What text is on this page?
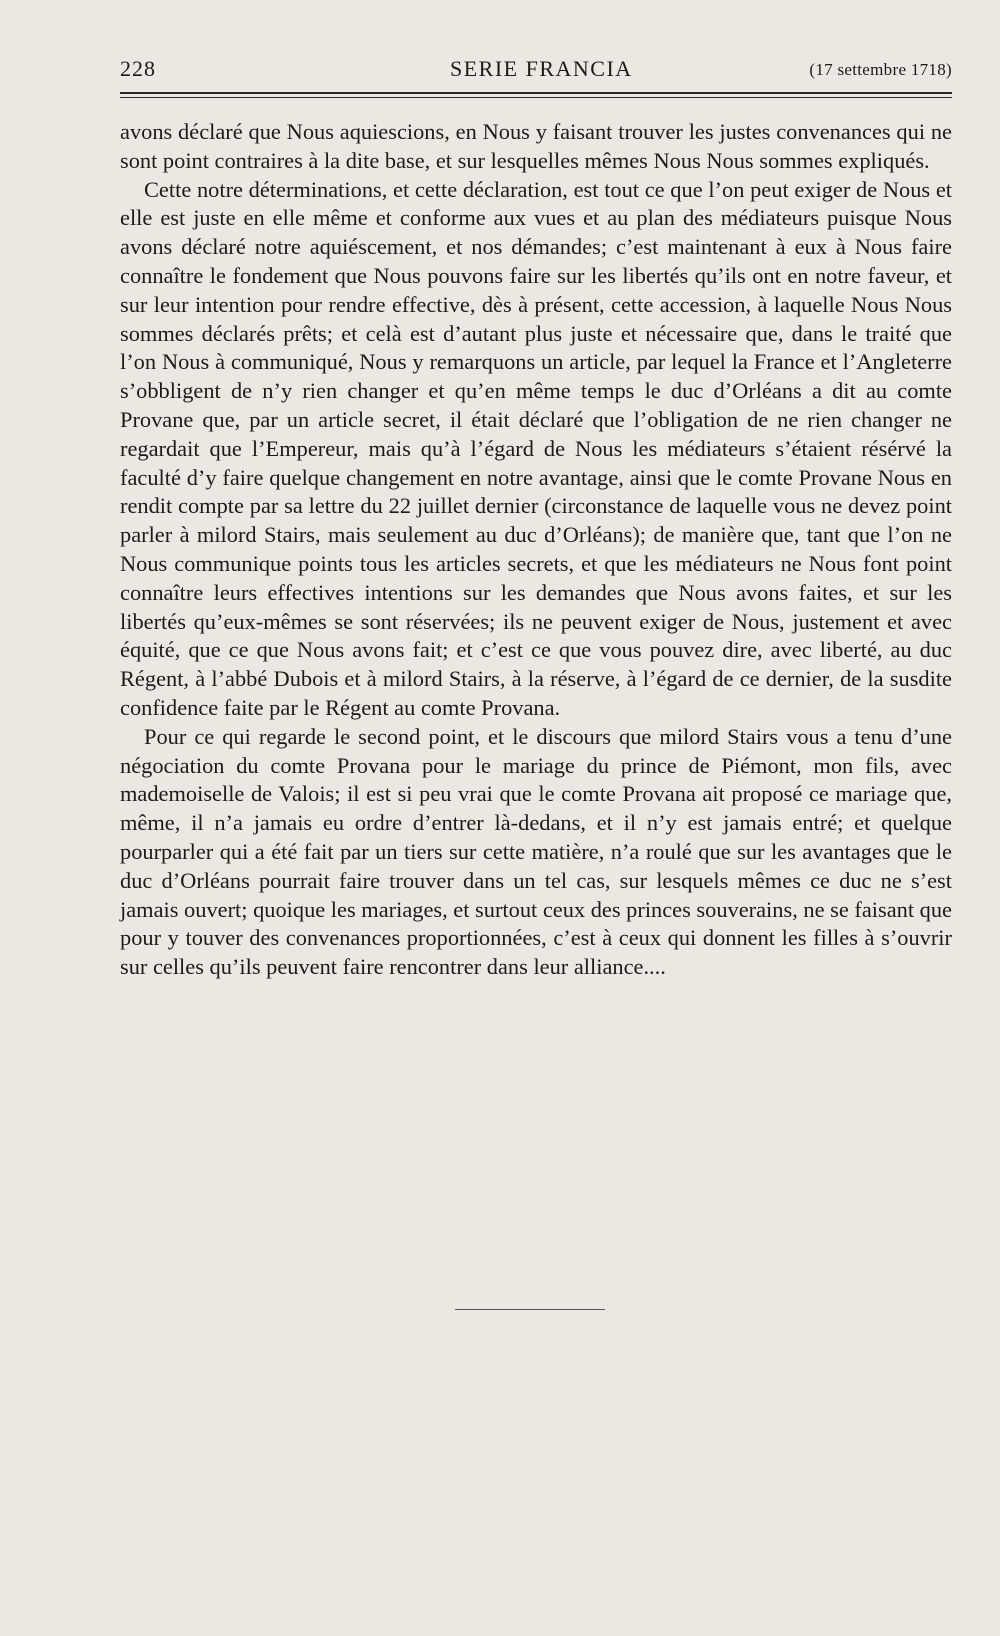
228	SERIE FRANCIA	(17 settembre 1718)

avons déclaré que Nous aquiescions, en Nous y faisant trouver les justes convenances qui ne sont point contraires à la dite base, et sur lesquelles mêmes Nous Nous sommes expliqués.

Cette notre déterminations, et cette déclaration, est tout ce que l’on peut exiger de Nous et elle est juste en elle même et conforme aux vues et au plan des médiateurs puisque Nous avons déclaré notre aquiéscement, et nos démandes; c’est maintenant à eux à Nous faire connaître le fondement que Nous pouvons faire sur les libertés qu’ils ont en notre faveur, et sur leur intention pour rendre effective, dès à présent, cette accession, à laquelle Nous Nous sommes déclarés prêts; et celà est d’autant plus juste et nécessaire que, dans le traité que l’on Nous à communiqué, Nous y remarquons un article, par lequel la France et l’Angleterre s’obbligent de n’y rien changer et qu’en même temps le duc d’Orléans a dit au comte Provane que, par un article secret, il était déclaré que l’obligation de ne rien changer ne regardait que l’Empereur, mais qu’à l’égard de Nous les médiateurs s’étaient résérvé la faculté d’y faire quelque changement en notre avantage, ainsi que le comte Provane Nous en rendit compte par sa lettre du 22 juillet dernier (circonstance de laquelle vous ne devez point parler à milord Stairs, mais seulement au duc d’Orléans); de manière que, tant que l’on ne Nous communique points tous les articles secrets, et que les médiateurs ne Nous font point connaître leurs effectives intentions sur les demandes que Nous avons faites, et sur les libertés qu’eux-mêmes se sont réservées; ils ne peuvent exiger de Nous, justement et avec équité, que ce que Nous avons fait; et c’est ce que vous pouvez dire, avec liberté, au duc Régent, à l’abbé Dubois et à milord Stairs, à la réserve, à l’égard de ce dernier, de la susdite confidence faite par le Régent au comte Provana.

Pour ce qui regarde le second point, et le discours que milord Stairs vous a tenu d’une négociation du comte Provana pour le mariage du prince de Piémont, mon fils, avec mademoiselle de Valois; il est si peu vrai que le comte Provana ait proposé ce mariage que, même, il n’a jamais eu ordre d’entrer là-dedans, et il n’y est jamais entré; et quelque pourparler qui a été fait par un tiers sur cette matière, n’a roulé que sur les avantages que le duc d’Orléans pourrait faire trouver dans un tel cas, sur lesquels mêmes ce duc ne s’est jamais ouvert; quoique les mariages, et surtout ceux des princes souverains, ne se faisant que pour y touver des convenances proportionnées, c’est à ceux qui donnent les filles à s’ouvrir sur celles qu’ils peuvent faire rencontrer dans leur alliance....
